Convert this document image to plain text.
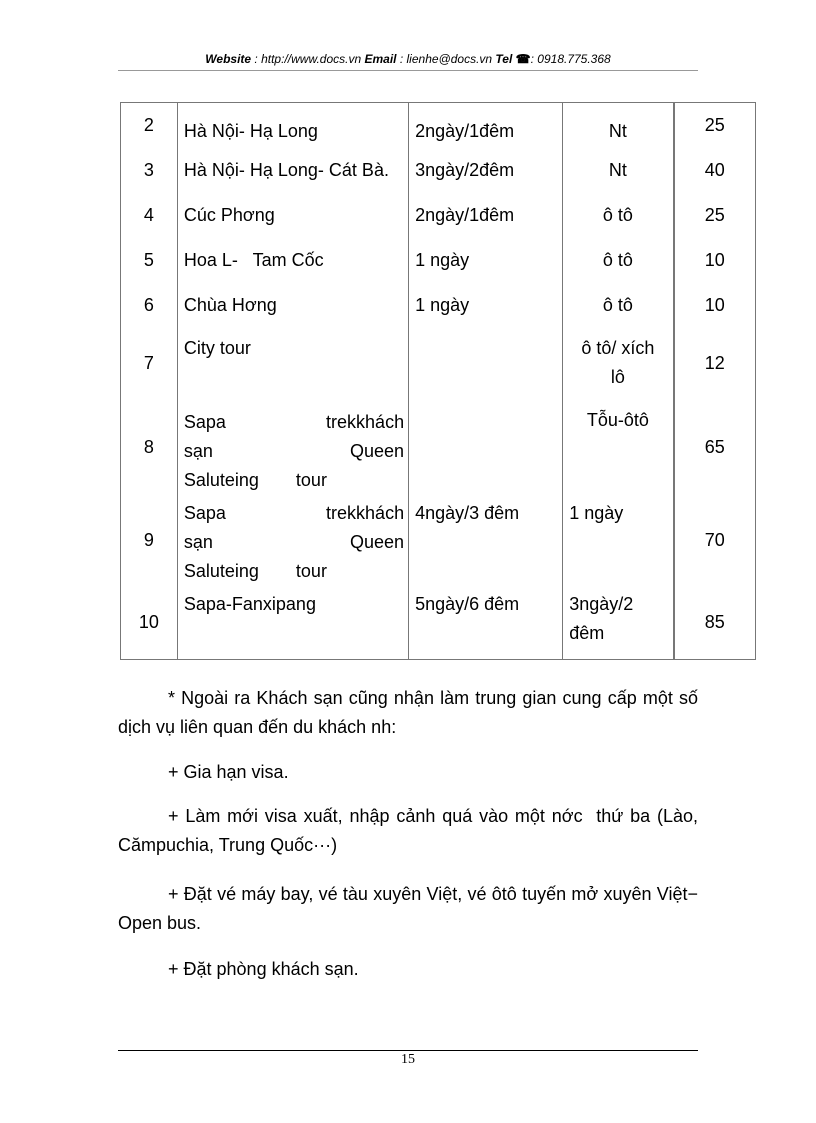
Website : http://www.docs.vn Email : lienhe@docs.vn Tel ☎: 0918.775.368
2	Hà Nội- Hạ Long	2ngày/1đêm	Nt	25
3	Hà Nội- Hạ Long- Cát Bà.	3ngày/2đêm	Nt	40
4	Cúc Phơng	2ngày/1đêm	ô tô	25
5	Hoa L-   Tam Cốc	1 ngày	ô tô	10
6	Chùa Hơng	1 ngày	ô tô	10
7	City tour		ô tô/ xích lô	12
8	Sapa trekkhách sạn Queen Saluteing tour		Tỗu-ôtô	65
9	Sapa trekkhách sạn Queen Saluteing tour	4ngày/3 đêm	1 ngày	70
10	Sapa-Fanxipang	5ngày/6 đêm	3ngày/2 đêm	85
* Ngoài ra Khách sạn cũng nhận làm trung gian cung cấp một số dịch vụ liên quan đến du khách nh:
+ Gia hạn visa.
+ Làm mới visa xuất, nhập cảnh quá vào một nớc  thứ ba (Lào, Cămpuchia, Trung Quốc···)
+ Đặt vé máy bay, vé tàu xuyên Việt, vé ôtô tuyến mở xuyên Việt− Open bus.
+ Đặt phòng khách sạn.
15
